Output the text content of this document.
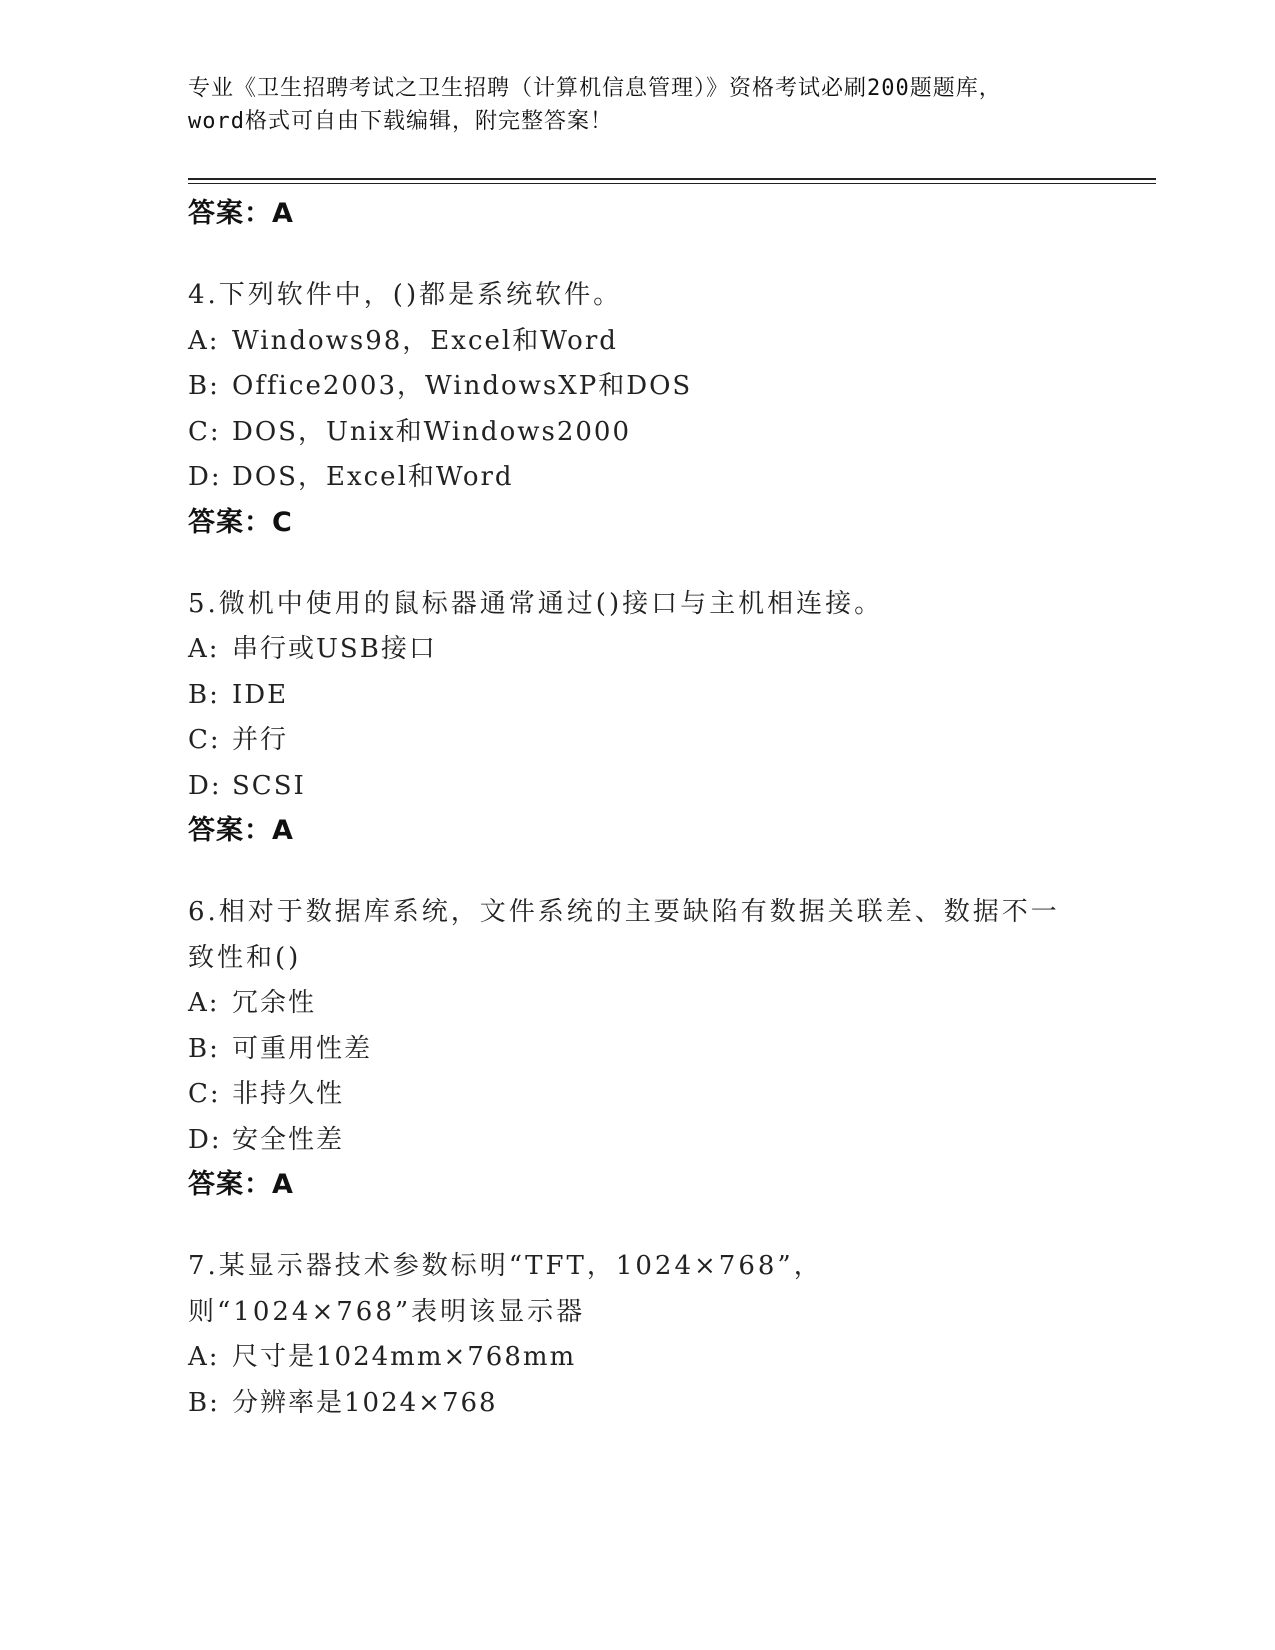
专业《卫生招聘考试之卫生招聘（计算机信息管理）》资格考试必刷200题题库，
word格式可自由下载编辑，附完整答案！
答案：A
4.下列软件中，()都是系统软件。
A: Windows98，Excel和Word
B: Office2003，WindowsXP和DOS
C: DOS，Unix和Windows2000
D: DOS，Excel和Word
答案：C
5.微机中使用的鼠标器通常通过()接口与主机相连接。
A: 串行或USB接口
B: IDE
C: 并行
D: SCSI
答案：A
6.相对于数据库系统，文件系统的主要缺陷有数据关联差、数据不一致性和()
A: 冗余性
B: 可重用性差
C: 非持久性
D: 安全性差
答案：A
7.某显示器技术参数标明“TFT，1024×768”，则“1024×768”表明该显示器
A: 尺寸是1024mm×768mm
B: 分辨率是1024×768
